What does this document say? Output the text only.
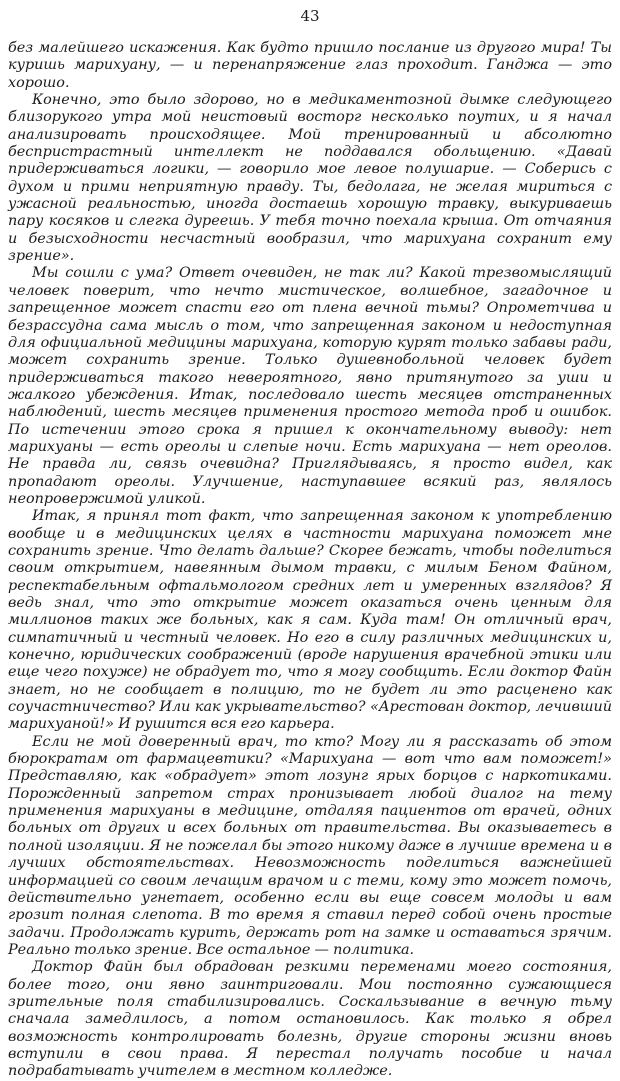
43

без малейшего искажения. Как будто пришло послание из другого мира! Ты куришь марихуану, — и перенапряжение глаз проходит. Ганджа — это хорошо.

Конечно, это было здорово, но в медикаментозной дымке следующего близорукого утра мой неистовый восторг несколько поутих, и я начал анализировать происходящее. Мой тренированный и абсолютно беспристрастный интеллект не поддавался обольщению. «Давай придерживаться логики, — говорило мое левое полушарие. — Соберись с духом и прими неприятную правду. Ты, бедолага, не желая мириться с ужасной реальностью, иногда достаешь хорошую травку, выкуриваешь пару косяков и слегка дуреешь. У тебя точно поехала крыша. От отчаяния и безысходности несчастный вообразил, что марихуана сохранит ему зрение».

Мы сошли с ума? Ответ очевиден, не так ли? Какой трезвомыслящий человек поверит, что нечто мистическое, волшебное, загадочное и запрещенное может спасти его от плена вечной тьмы? Опрометчива и безрассудна сама мысль о том, что запрещенная законом и недоступная для официальной медицины марихуана, которую курят только забавы ради, может сохранить зрение. Только душевнобольной человек будет придерживаться такого невероятного, явно притянутого за уши и жалкого убеждения. Итак, последовало шесть месяцев отстраненных наблюдений, шесть месяцев применения простого метода проб и ошибок. По истечении этого срока я пришел к окончательному выводу: нет марихуаны — есть ореолы и слепые ночи. Есть марихуана — нет ореолов. Не правда ли, связь очевидна? Приглядываясь, я просто видел, как пропадают ореолы. Улучшение, наступавшее всякий раз, являлось неопровержимой уликой.

Итак, я принял тот факт, что запрещенная законом к употреблению вообще и в медицинских целях в частности марихуана поможет мне сохранить зрение. Что делать дальше? Скорее бежать, чтобы поделиться своим открытием, навеянным дымом травки, с милым Беном Файном, респектабельным офтальмологом средних лет и умеренных взглядов? Я ведь знал, что это открытие может оказаться очень ценным для миллионов таких же больных, как я сам. Куда там! Он отличный врач, симпатичный и честный человек. Но его в силу различных медицинских и, конечно, юридических соображений (вроде нарушения врачебной этики или еще чего похуже) не обрадует то, что я могу сообщить. Если доктор Файн знает, но не сообщает в полицию, то не будет ли это расценено как соучастничество? Или как укрывательство? «Арестован доктор, лечивший марихуаной!» И рушится вся его карьера.

Если не мой доверенный врач, то кто? Могу ли я рассказать об этом бюрократам от фармацевтики? «Марихуана — вот что вам поможет!» Представляю, как «обрадует» этот лозунг ярых борцов с наркотиками. Порожденный запретом страх пронизывает любой диалог на тему применения марихуаны в медицине, отдаляя пациентов от врачей, одних больных от других и всех больных от правительства. Вы оказываетесь в полной изоляции. Я не пожелал бы этого никому даже в лучшие времена и в лучших обстоятельствах. Невозможность поделиться важнейшей информацией со своим лечащим врачом и с теми, кому это может помочь, действительно угнетает, особенно если вы еще совсем молоды и вам грозит полная слепота. В то время я ставил перед собой очень простые задачи. Продолжать курить, держать рот на замке и оставаться зрячим. Реально только зрение. Все остальное — политика.

Доктор Файн был обрадован резкими переменами моего состояния, более того, они явно заинтриговали. Мои постоянно сужающиеся зрительные поля стабилизировались. Соскальзывание в вечную тьму сначала замедлилось, а потом остановилось. Как только я обрел возможность контролировать болезнь, другие стороны жизни вновь вступили в свои права. Я перестал получать пособие и начал подрабатывать учителем в местном колледже.
